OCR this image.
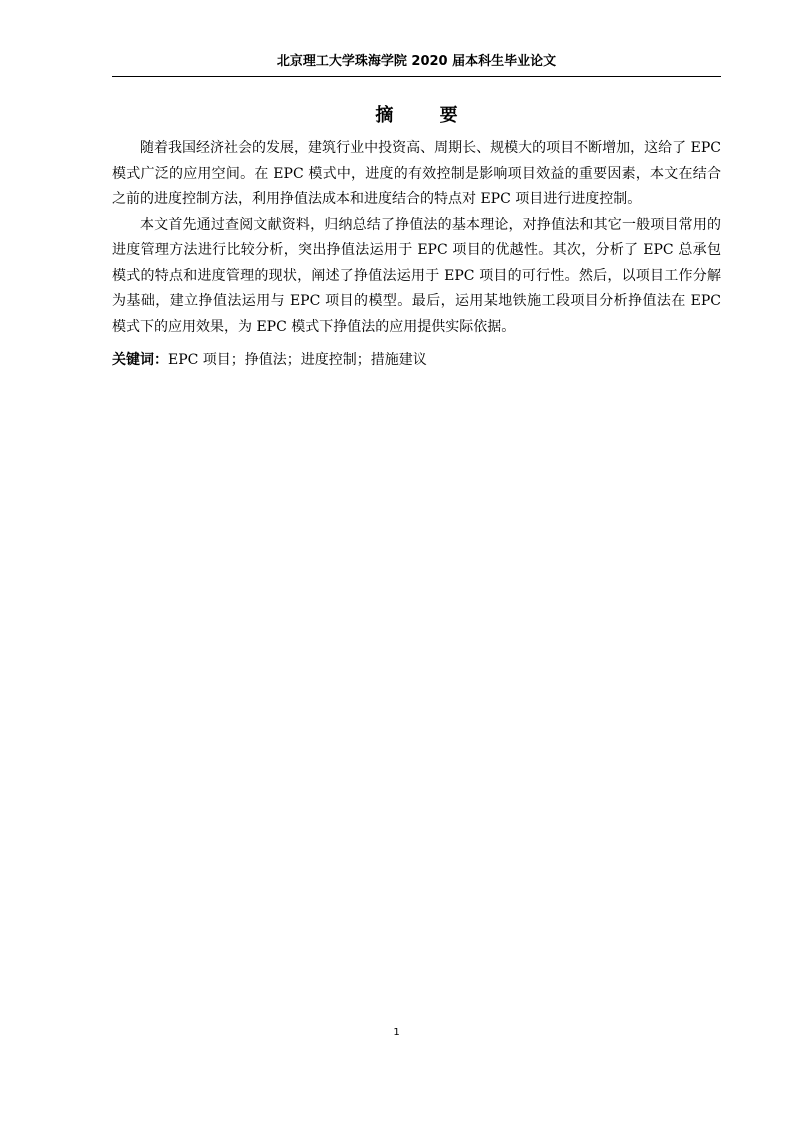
北京理工大学珠海学院 2020 届本科生毕业论文
摘 要

随着我国经济社会的发展，建筑行业中投资高、周期长、规模大的项目不断增加，这给了 EPC 模式广泛的应用空间。在 EPC 模式中，进度的有效控制是影响项目效益的重要因素，本文在结合之前的进度控制方法，利用挣值法成本和进度结合的特点对 EPC 项目进行进度控制。

本文首先通过查阅文献资料，归纳总结了挣值法的基本理论，对挣值法和其它一般项目常用的进度管理方法进行比较分析，突出挣值法运用于 EPC 项目的优越性。其次，分析了 EPC 总承包模式的特点和进度管理的现状，阐述了挣值法运用于 EPC 项目的可行性。然后，以项目工作分解为基础，建立挣值法运用与 EPC 项目的模型。最后，运用某地铁施工段项目分析挣值法在 EPC 模式下的应用效果，为 EPC 模式下挣值法的应用提供实际依据。

关键词：EPC 项目；挣值法；进度控制；措施建议

1
